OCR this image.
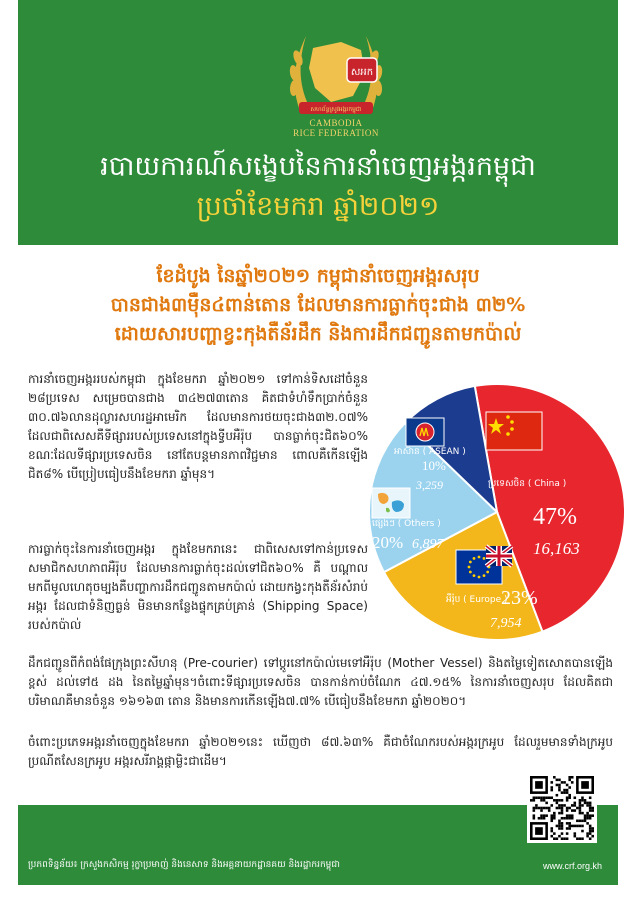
សអក
សហព័ន្ធស្រូវអង្ករកម្ពុជា
CAMBODIA
RICE FEDERATION
របាយការណ៍សង្ខេបនៃការនាំចេញអង្ករកម្ពុជា
ប្រចាំខែមករា ឆ្នាំ២០២១
ខែដំបូង នៃឆ្នាំ២០២១ កម្ពុជានាំចេញអង្ករសរុប
បានជាង៣ម៉ឺន៤ពាន់តោន ដែលមានការធ្លាក់ចុះជាង ៣២%
ដោយសារបញ្ហាខ្វះកុងតឺន័រដឹក និងការដឹកជញ្ជូនតាមកប៉ាល់
ការនាំចេញអង្កររបស់កម្ពុជា ក្នុងខែមករា ឆ្នាំ២០២១ ទៅកាន់ទិសដៅចំនួន ២៨ប្រទេស សម្រេចបានជាង ៣៤២៧៣តោន គិតជាទំហំទឹកប្រាក់ចំនួន ៣០.៧៦លានដុល្លារសហរដ្ឋអាមេរិក ដែលមានការថយចុះជាង៣២.០៧% ដែលជាពិសេសគឺទីផ្សាររបស់ប្រទេសនៅក្នុងទ្វីបអឺរ៉ុប បានធ្លាក់ចុះជិត៦០% ខណៈដែលទីផ្សារប្រទេសចិន នៅតែបន្តមានភាពវិជ្ជមាន ពោលគឺកើនឡើងជិត៨% បើប្រៀបធៀបនឹងខែមករា ឆ្នាំមុន។
ការធ្លាក់ចុះនៃការនាំចេញអង្ករ ក្នុងខែមករានេះ ជាពិសេសទៅកាន់ប្រទេសសមាជិកសហភាពអឺរ៉ុប ដែលមានការធ្លាក់ចុះដល់ទៅជិត៦០% គឺ បណ្តាលមកពីមូលហេតុចម្បងគឺបញ្ហាការដឹកជញ្ជូនតាមកប៉ាល់ ដោយកង្វះកុងតឺន័រសំរាប់អង្ករ ដែលជាទំនិញធ្ងន់ មិនមានកន្លែងផ្ទុកគ្រប់គ្រាន់ (Shipping Space) របស់កប៉ាល់
ដឹកជញ្ជូនពីកំពង់ផែក្រុងព្រះសីហនុ (Pre-courier) ទៅប្តូរនៅកប៉ាល់មេទៅអឺរ៉ុប (Mother Vessel) និងតម្លៃទៀតសោតបានឡើងខ្ពស់ ដល់ទៅ៥ ដង នៃតម្លៃឆ្នាំមុន។ចំពោះទីផ្សារប្រទេសចិន បានកាន់កាប់ចំណែក ៤៧.១៥% នៃការនាំចេញសរុប ដែលគិតជាបរិមាណគឺមានចំនួន ១៦១៦៣ តោន និងមានការកើនឡើង៧.៧% បើធៀបនឹងខែមករា ឆ្នាំ២០២០។
ចំពោះប្រភេទអង្ករនាំចេញក្នុងខែមករា ឆ្នាំ២០២១នេះ ឃើញថា ៨៧.៦៣% គឺជាចំណែករបស់អង្ករក្រអូប ដែលរួមមានទាំងក្រអូបប្រណីតសែនក្រអូប អង្ករសរីរាង្គផ្កាម្លិះជាដើម។
ប្រទេសចិន ( China )
47%
16,163
អឺរ៉ុប ( Europe )
23%
7,954
ផ្សេងៗ ( Others )
20% 6,897
អាស៊ាន ( ASEAN )
10%
3,259
ប្រភពទិន្នន័យ៖ ក្រសួងកសិកម្ម រុក្ខាប្រមាញ់ និងនេសាទ និងអគ្គនាយកដ្ឋានគយ និងរដ្ឋាករកម្ពុជា	www.crf.org.kh
